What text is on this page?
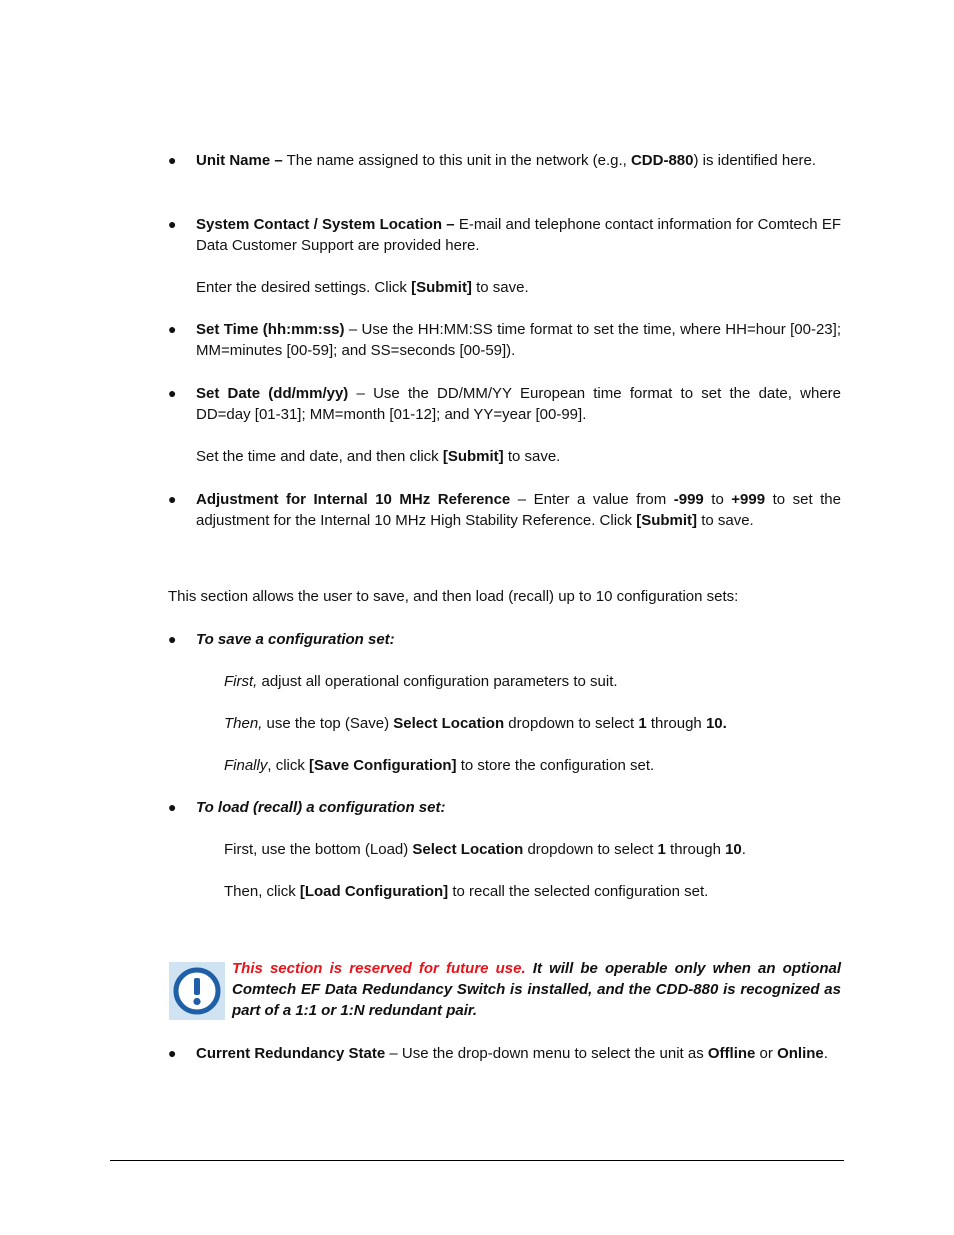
●	Unit Name – The name assigned to this unit in the network (e.g., CDD-880) is identified here.
●	System Contact / System Location – E-mail and telephone contact information for Comtech EF Data Customer Support are provided here.

Enter the desired settings. Click [Submit] to save.

●	Set Time (hh:mm:ss) – Use the HH:MM:SS time format to set the time, where HH=hour [00-23]; MM=minutes [00-59]; and SS=seconds [00-59]).
●	Set Date (dd/mm/yy) – Use the DD/MM/YY European time format to set the date, where DD=day [01-31]; MM=month [01-12]; and YY=year [00-99].

Set the time and date, and then click [Submit] to save.

●	Adjustment for Internal 10 MHz Reference – Enter a value from -999 to +999 to set the adjustment for the Internal 10 MHz High Stability Reference. Click [Submit] to save.

This section allows the user to save, and then load (recall) up to 10 configuration sets:

●	To save a configuration set:

First, adjust all operational configuration parameters to suit.

Then, use the top (Save) Select Location dropdown to select 1 through 10.

Finally, click [Save Configuration] to store the configuration set.

●	To load (recall) a configuration set:

First, use the bottom (Load) Select Location dropdown to select 1 through 10.

Then, click [Load Configuration] to recall the selected configuration set.

This section is reserved for future use. It will be operable only when an optional Comtech EF Data Redundancy Switch is installed, and the CDD-880 is recognized as part of a 1:1 or 1:N redundant pair.
●	Current Redundancy State – Use the drop-down menu to select the unit as Offline or Online.
